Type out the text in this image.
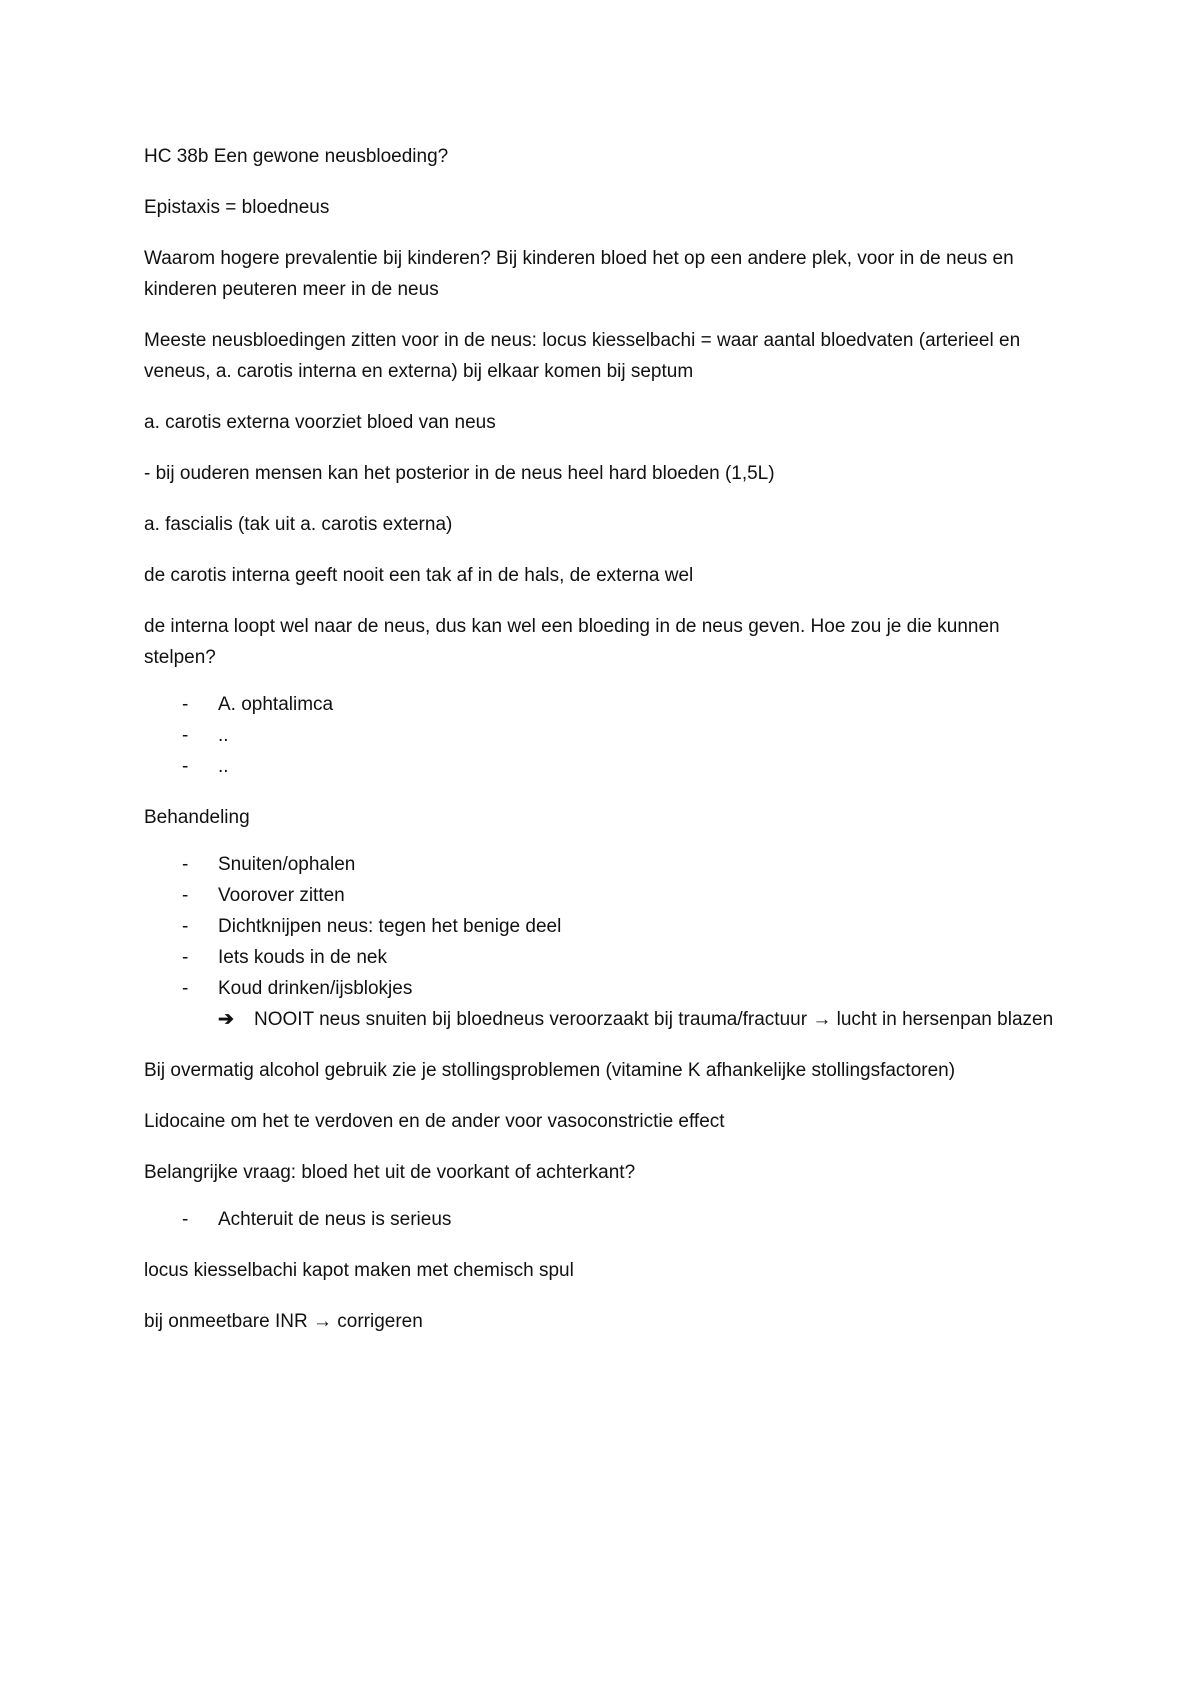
HC 38b Een gewone neusbloeding?

Epistaxis = bloedneus

Waarom hogere prevalentie bij kinderen? Bij kinderen bloed het op een andere plek, voor in de neus en kinderen peuteren meer in de neus

Meeste neusbloedingen zitten voor in de neus: locus kiesselbachi = waar aantal bloedvaten (arterieel en veneus, a. carotis interna en externa) bij elkaar komen bij septum

a. carotis externa voorziet bloed van neus

- bij ouderen mensen kan het posterior in de neus heel hard bloeden (1,5L)

a. fascialis (tak uit a. carotis externa)

de carotis interna geeft nooit een tak af in de hals, de externa wel

de interna loopt wel naar de neus, dus kan wel een bloeding in de neus geven. Hoe zou je die kunnen stelpen?

- A. ophtalimca
- ..
- ..

Behandeling

- Snuiten/ophalen
- Voorover zitten
- Dichtknijpen neus: tegen het benige deel
- Iets kouds in de nek
- Koud drinken/ijsblokjes
➔ NOOIT neus snuiten bij bloedneus veroorzaakt bij trauma/fractuur → lucht in hersenpan blazen

Bij overmatig alcohol gebruik zie je stollingsproblemen (vitamine K afhankelijke stollingsfactoren)

Lidocaine om het te verdoven en de ander voor vasoconstrictie effect

Belangrijke vraag: bloed het uit de voorkant of achterkant?

- Achteruit de neus is serieus

locus kiesselbachi kapot maken met chemisch spul

bij onmeetbare INR → corrigeren
